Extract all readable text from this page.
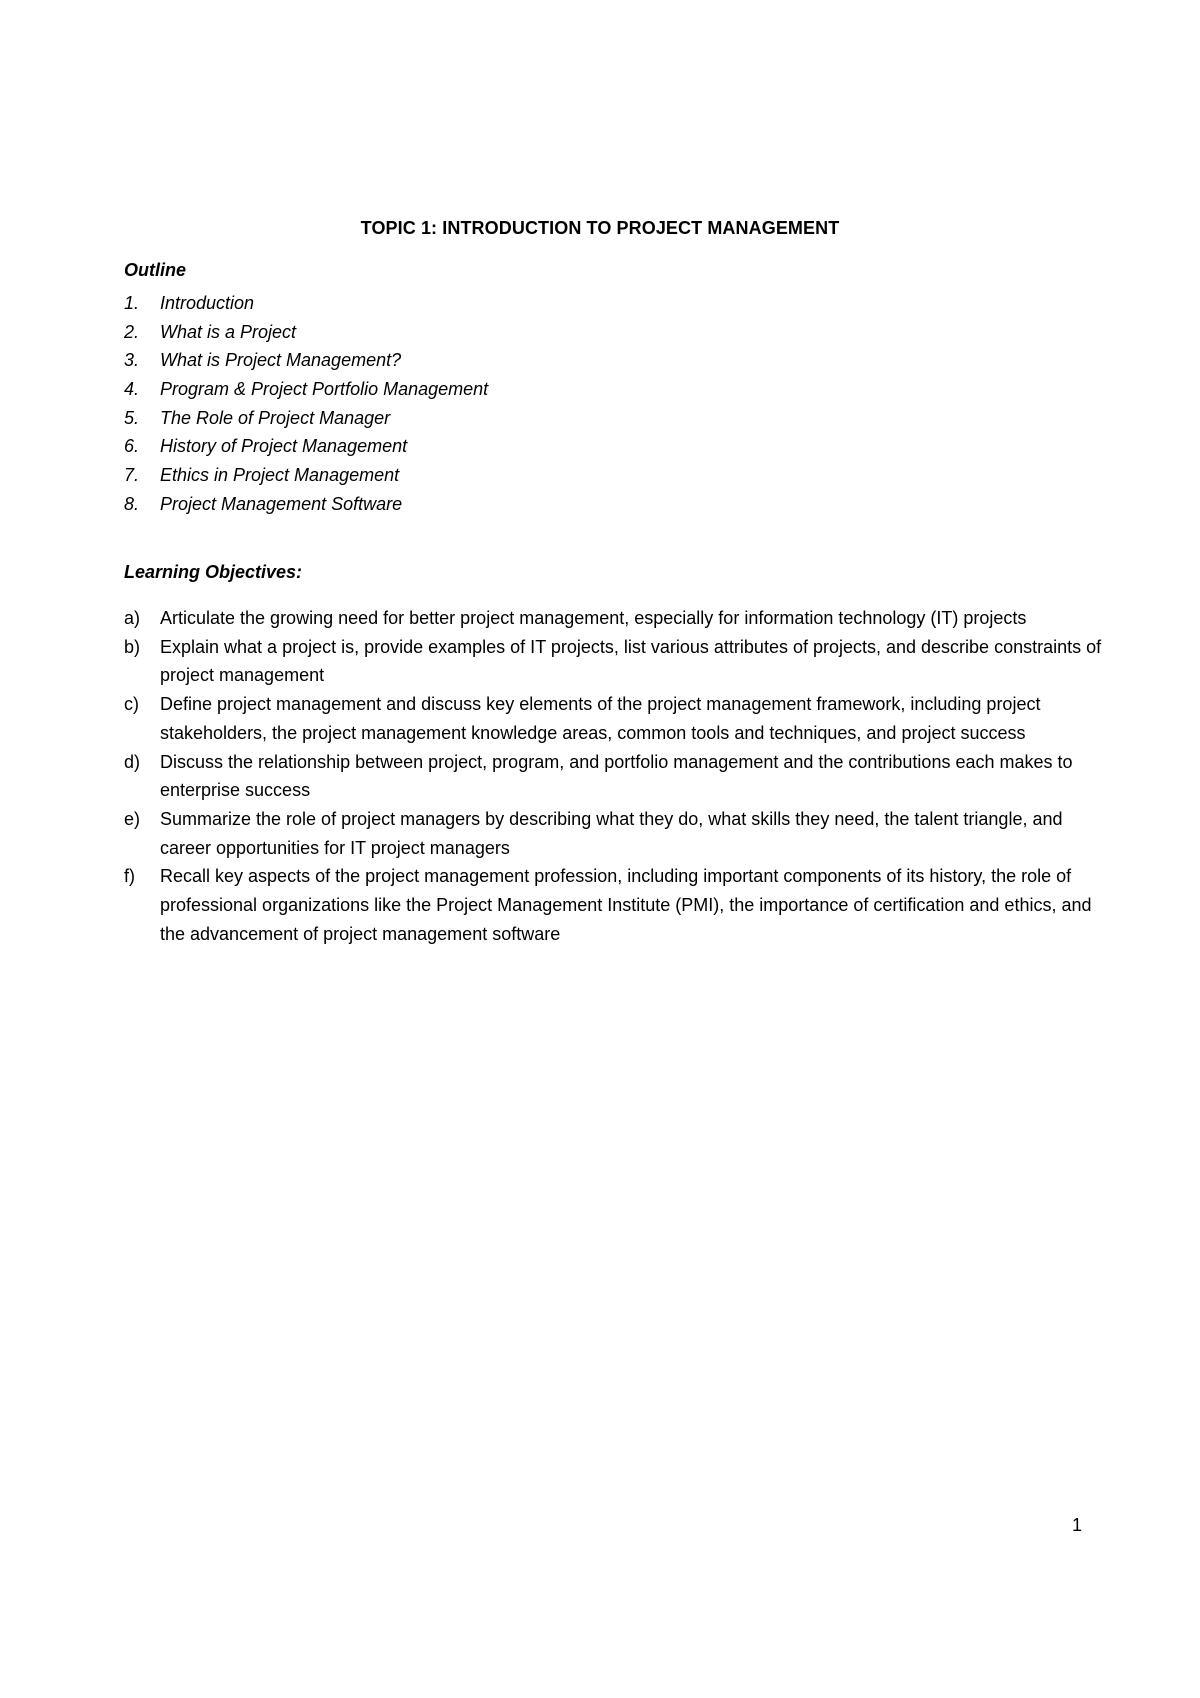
TOPIC 1: INTRODUCTION TO PROJECT MANAGEMENT
Outline
1. Introduction
2. What is a Project
3. What is Project Management?
4. Program & Project Portfolio Management
5. The Role of Project Manager
6. History of Project Management
7. Ethics in Project Management
8. Project Management Software
Learning Objectives:
a)	Articulate the growing need for better project management, especially for information technology (IT) projects
b)	Explain what a project is, provide examples of IT projects, list various attributes of projects, and describe constraints of project management
c)	Define project management and discuss key elements of the project management framework, including project stakeholders, the project management knowledge areas, common tools and techniques, and project success
d)	Discuss the relationship between project, program, and portfolio management and the contributions each makes to enterprise success
e)	Summarize the role of project managers by describing what they do, what skills they need, the talent triangle, and career opportunities for IT project managers
f)	Recall key aspects of the project management profession, including important components of its history, the role of professional organizations like the Project Management Institute (PMI), the importance of certification and ethics, and the advancement of project management software
1
